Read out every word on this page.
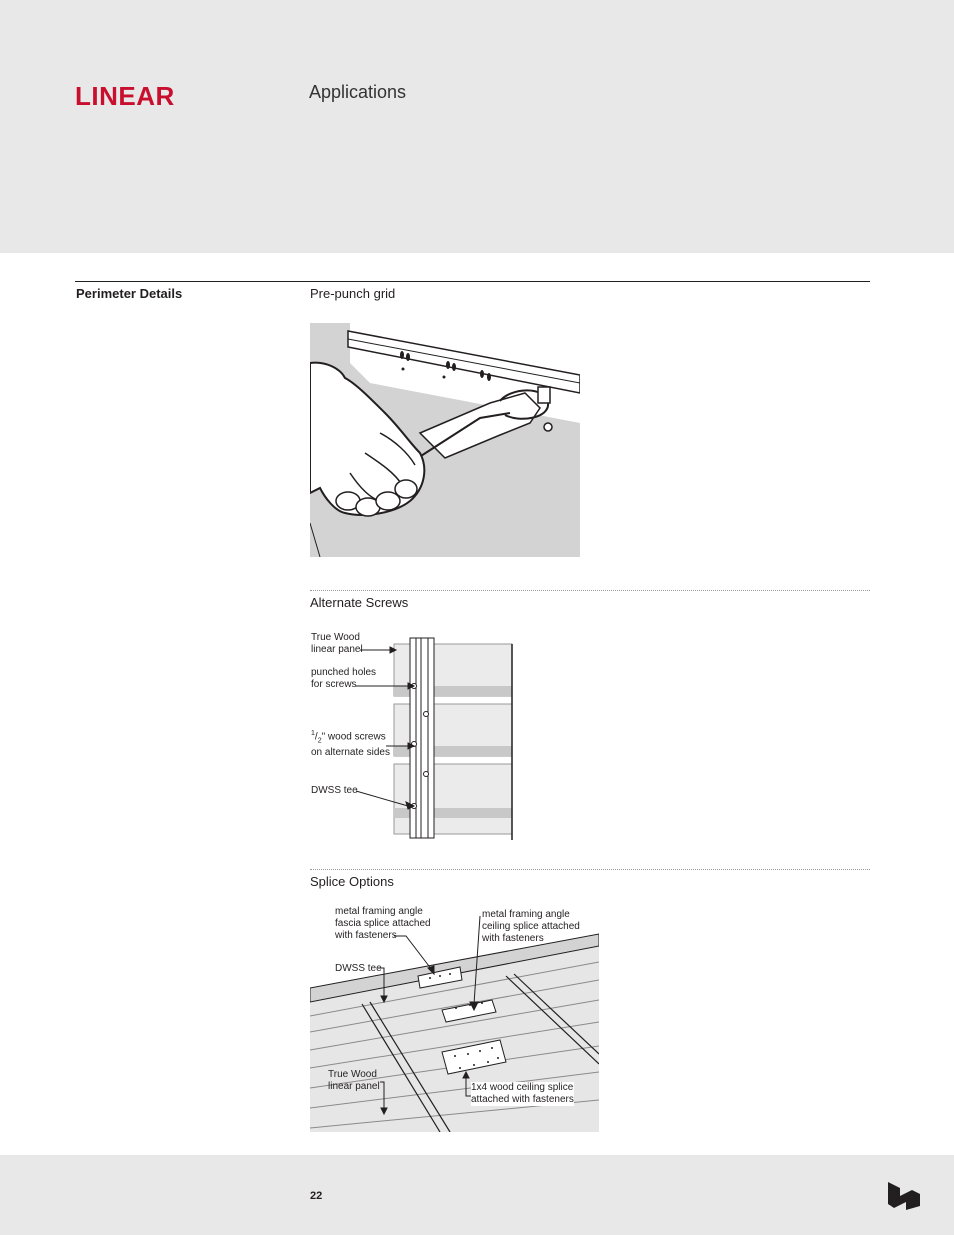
LINEAR	Applications
Perimeter Details	Pre-punch grid
Alternate Screws
True Wood
linear panel
punched holes
for screws
$^1/_2$" wood screws
on alternate sides
DWSS tee
Splice Options
metal framing angle
fascia splice attached
with fasteners
metal framing angle
ceiling splice attached
with fasteners
DWSS tee
True Wood
linear panel	1x4 wood ceiling splice
attached with fasteners
22
